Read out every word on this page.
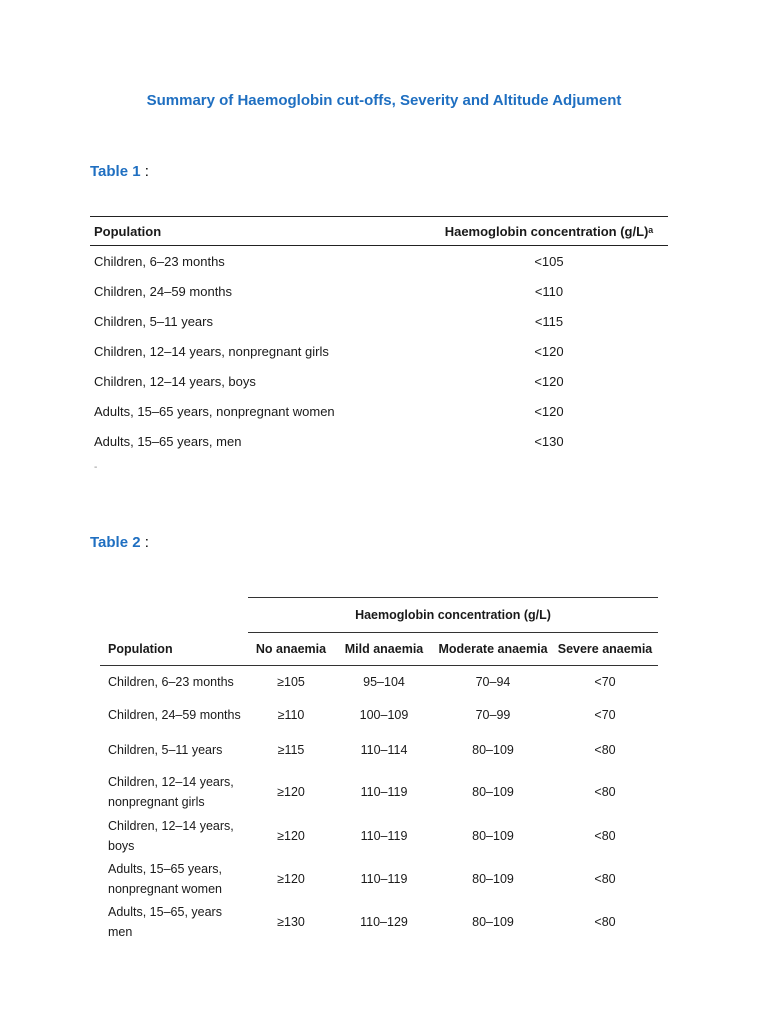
Summary of Haemoglobin cut-offs, Severity and Altitude Adjument
Table 1 :
Population	Haemoglobin concentration (g/L)ᵃ
Children, 6–23 months	<105
Children, 24–59 months	<110
Children, 5–11 years	<115
Children, 12–14 years, nonpregnant girls	<120
Children, 12–14 years, boys	<120
Adults, 15–65 years, nonpregnant women	<120
Adults, 15–65 years, men	<130
-
Table 2 :
	Haemoglobin concentration (g/L)			
Population	No anaemia	Mild anaemia	Moderate anaemia	Severe anaemia
Children, 6–23 months	≥105	95–104	70–94	<70
Children, 24–59 months	≥110	100–109	70–99	<70
Children, 5–11 years	≥115	110–114	80–109	<80
Children, 12–14 years,
nonpregnant girls	≥120	110–119	80–109	<80
Children, 12–14 years, boys	≥120	110–119	80–109	<80
Adults, 15–65 years,
nonpregnant women	≥120	110–119	80–109	<80
Adults, 15–65, years men	≥130	110–129	80–109	<80
